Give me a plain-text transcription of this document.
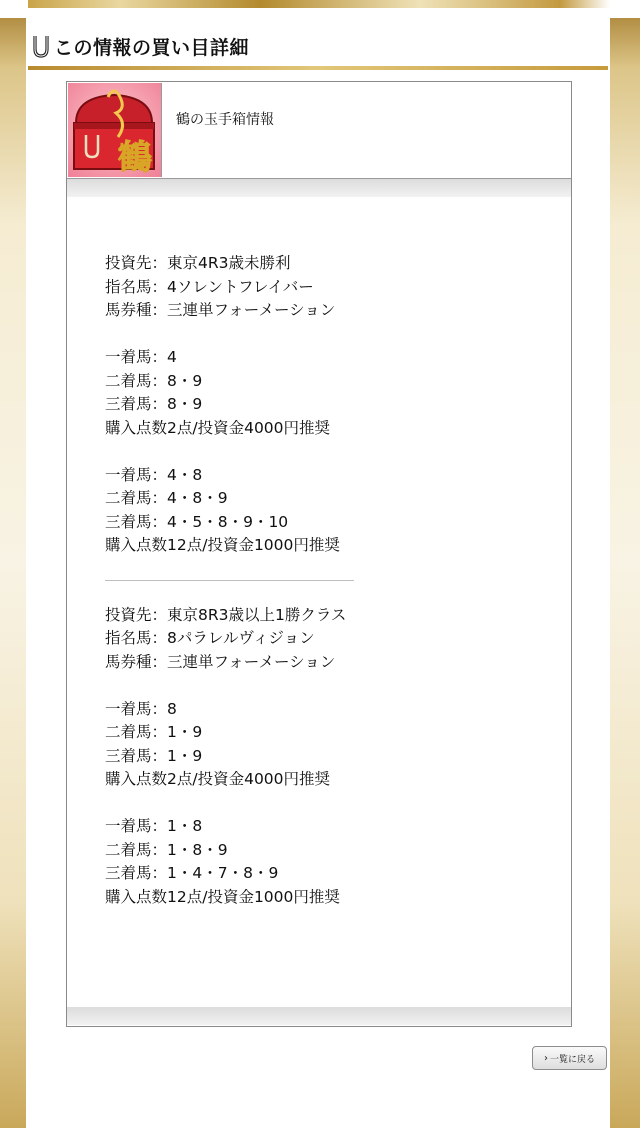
この情報の買い目詳細
鶴
鶴の玉手箱情報
投資先：東京4R3歳未勝利
指名馬：4ソレントフレイバー
馬券種：三連単フォーメーション
一着馬：4
二着馬：8・9
三着馬：8・9
購入点数2点/投資金4000円推奨
一着馬：4・8
二着馬：4・8・9
三着馬：4・5・8・9・10
購入点数12点/投資金1000円推奨
投資先：東京8R3歳以上1勝クラス
指名馬：8パラレルヴィジョン
馬券種：三連単フォーメーション
一着馬：8
二着馬：1・9
三着馬：1・9
購入点数2点/投資金4000円推奨
一着馬：1・8
二着馬：1・8・9
三着馬：1・4・7・8・9
購入点数12点/投資金1000円推奨
› 一覧に戻る
